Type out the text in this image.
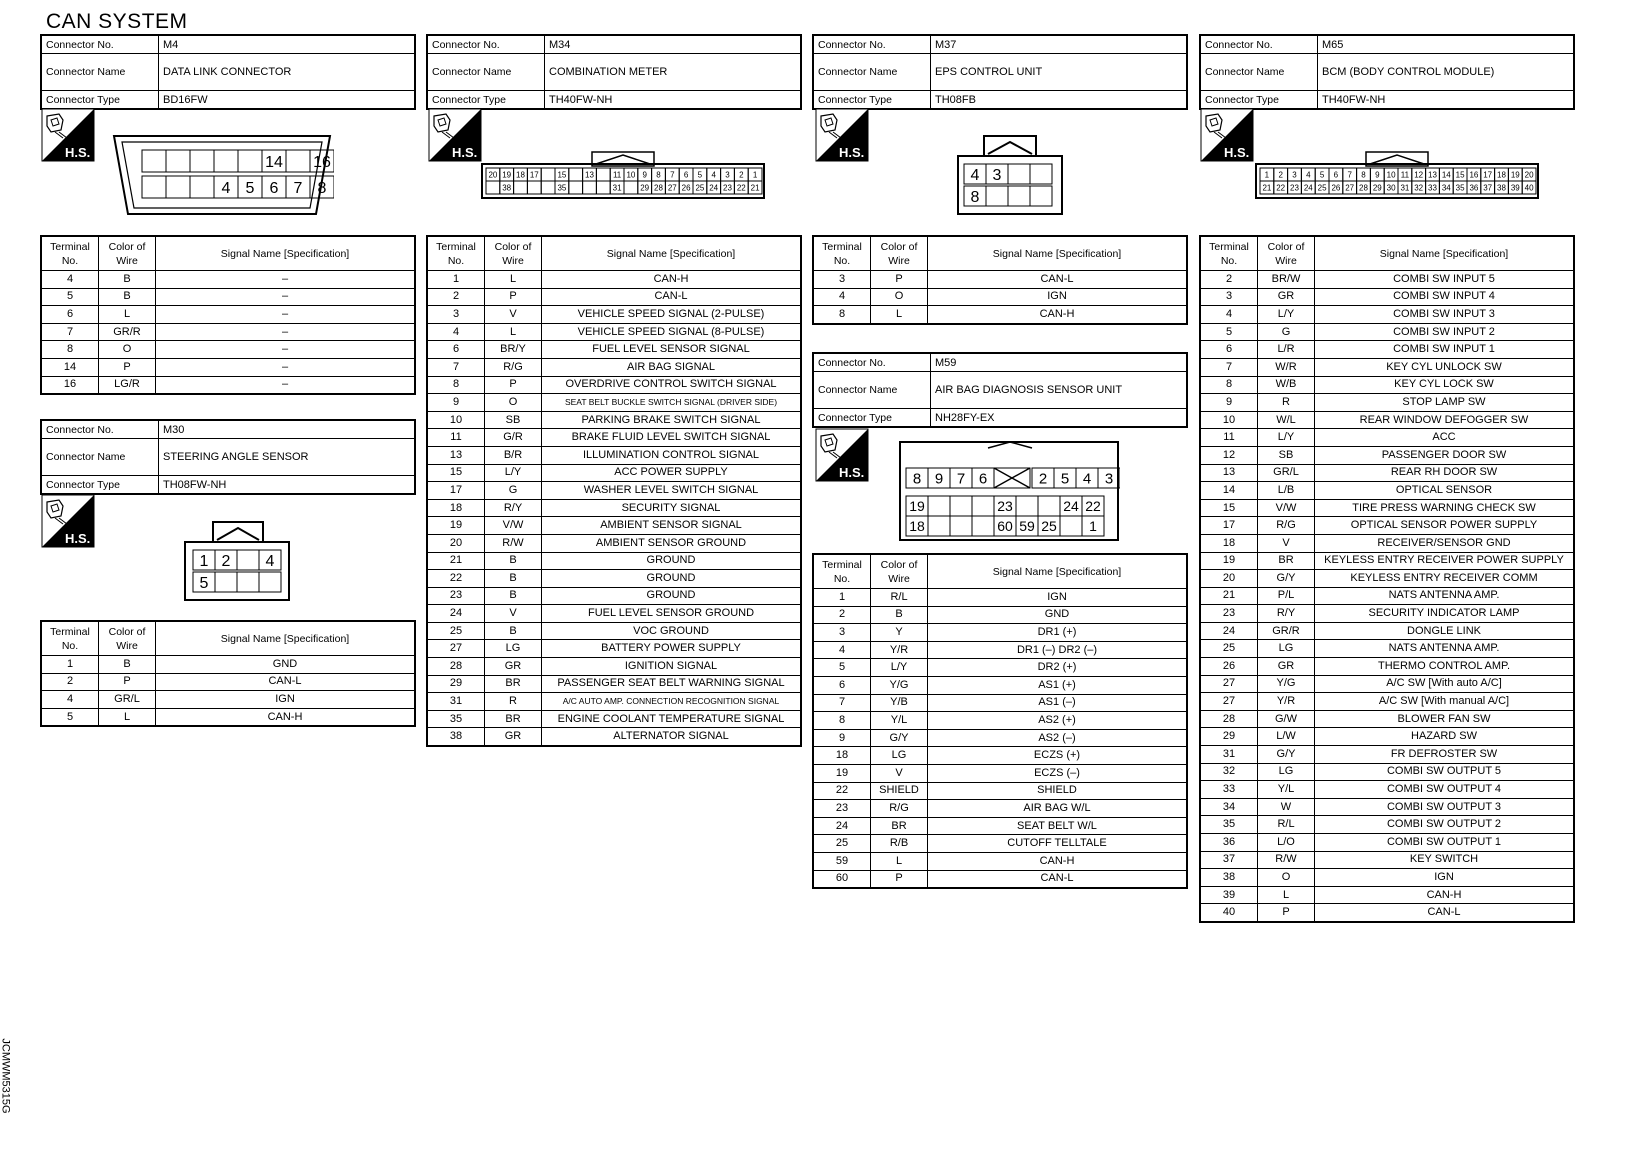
CAN SYSTEM
Connector No.	M4
Connector Name	DATA LINK CONNECTOR
Connector Type	BD16FW
H.S.
14 16
4 5 6 7 8
Terminal No.	Color of Wire	Signal Name [Specification]
4	B	–
5	B	–
6	L	–
7	GR/R	–
8	O	–
14	P	–
16	LG/R	–
Connector No.	M30
Connector Name	STEERING ANGLE SENSOR
Connector Type	TH08FW-NH
H.S.
1 2 4
5
Terminal No.	Color of Wire	Signal Name [Specification]
1	B	GND
2	P	CAN-L
4	GR/L	IGN
5	L	CAN-H
Connector No.	M34
Connector Name	COMBINATION METER
Connector Type	TH40FW-NH
H.S.
20 19 18 17 15 13 11 10 9 8 7 6 5 4 3 2 1
38	35	31 29 28 27 26 25 24 23 22 21
Terminal No.	Color of Wire	Signal Name [Specification]
1	L	CAN-H
2	P	CAN-L
3	V	VEHICLE SPEED SIGNAL (2-PULSE)
4	L	VEHICLE SPEED SIGNAL (8-PULSE)
6	BR/Y	FUEL LEVEL SENSOR SIGNAL
7	R/G	AIR BAG SIGNAL
8	P	OVERDRIVE CONTROL SWITCH SIGNAL
9	O	SEAT BELT BUCKLE SWITCH SIGNAL (DRIVER SIDE)
10	SB	PARKING BRAKE SWITCH SIGNAL
11	G/R	BRAKE FLUID LEVEL SWITCH SIGNAL
13	B/R	ILLUMINATION CONTROL SIGNAL
15	L/Y	ACC POWER SUPPLY
17	G	WASHER LEVEL SWITCH SIGNAL
18	R/Y	SECURITY SIGNAL
19	V/W	AMBIENT SENSOR SIGNAL
20	R/W	AMBIENT SENSOR GROUND
21	B	GROUND
22	B	GROUND
23	B	GROUND
24	V	FUEL LEVEL SENSOR GROUND
25	B	VOC GROUND
27	LG	BATTERY POWER SUPPLY
28	GR	IGNITION SIGNAL
29	BR	PASSENGER SEAT BELT WARNING SIGNAL
31	R	A/C AUTO AMP. CONNECTION RECOGNITION SIGNAL
35	BR	ENGINE COOLANT TEMPERATURE SIGNAL
38	GR	ALTERNATOR SIGNAL
Connector No.	M37
Connector Name	EPS CONTROL UNIT
Connector Type	TH08FB
H.S.
4 3
8
Terminal No.	Color of Wire	Signal Name [Specification]
3	P	CAN-L
4	O	IGN
8	L	CAN-H
Connector No.	M59
Connector Name	AIR BAG DIAGNOSIS SENSOR UNIT
Connector Type	NH28FY-EX
H.S.	8 9 7 6	2 5 4 3
19	23	24 22
18	60 59 25 1
Terminal No.	Color of Wire	Signal Name [Specification]
1	R/L	IGN
2	B	GND
3	Y	DR1 (+)
4	Y/R	DR1 (–) DR2 (–)
5	L/Y	DR2 (+)
6	Y/G	AS1 (+)
7	Y/B	AS1 (–)
8	Y/L	AS2 (+)
9	G/Y	AS2 (–)
18	LG	ECZS (+)
19	V	ECZS (–)
22	SHIELD	SHIELD
23	R/G	AIR BAG W/L
24	BR	SEAT BELT W/L
25	R/B	CUTOFF TELLTALE
59	L	CAN-H
60	P	CAN-L
Connector No.	M65
Connector Name	BCM (BODY CONTROL MODULE)
Connector Type	TH40FW-NH
H.S.
1 2 3 4 5 6 7 8 9 10 11 12 13 14 15 16 17 18 19 20
21 22 23 24 25 26 27 28 29 30 31 32 33 34 35 36 37 38 39 40
Terminal No.	Color of Wire	Signal Name [Specification]
2	BR/W	COMBI SW INPUT 5
3	GR	COMBI SW INPUT 4
4	L/Y	COMBI SW INPUT 3
5	G	COMBI SW INPUT 2
6	L/R	COMBI SW INPUT 1
7	W/R	KEY CYL UNLOCK SW
8	W/B	KEY CYL LOCK SW
9	R	STOP LAMP SW
10	W/L	REAR WINDOW DEFOGGER SW
11	L/Y	ACC
12	SB	PASSENGER DOOR SW
13	GR/L	REAR RH DOOR SW
14	L/B	OPTICAL SENSOR
15	V/W	TIRE PRESS WARNING CHECK SW
17	R/G	OPTICAL SENSOR POWER SUPPLY
18	V	RECEIVER/SENSOR GND
19	BR	KEYLESS ENTRY RECEIVER POWER SUPPLY
20	G/Y	KEYLESS ENTRY RECEIVER COMM
21	P/L	NATS ANTENNA AMP.
23	R/Y	SECURITY INDICATOR LAMP
24	GR/R	DONGLE LINK
25	LG	NATS ANTENNA AMP.
26	GR	THERMO CONTROL AMP.
27	Y/G	A/C SW [With auto A/C]
27	Y/R	A/C SW [With manual A/C]
28	G/W	BLOWER FAN SW
29	L/W	HAZARD SW
31	G/Y	FR DEFROSTER SW
32	LG	COMBI SW OUTPUT 5
33	Y/L	COMBI SW OUTPUT 4
34	W	COMBI SW OUTPUT 3
35	R/L	COMBI SW OUTPUT 2
36	L/O	COMBI SW OUTPUT 1
37	R/W	KEY SWITCH
38	O	IGN
39	L	CAN-H
40	P	CAN-L
JCMWM5315G
